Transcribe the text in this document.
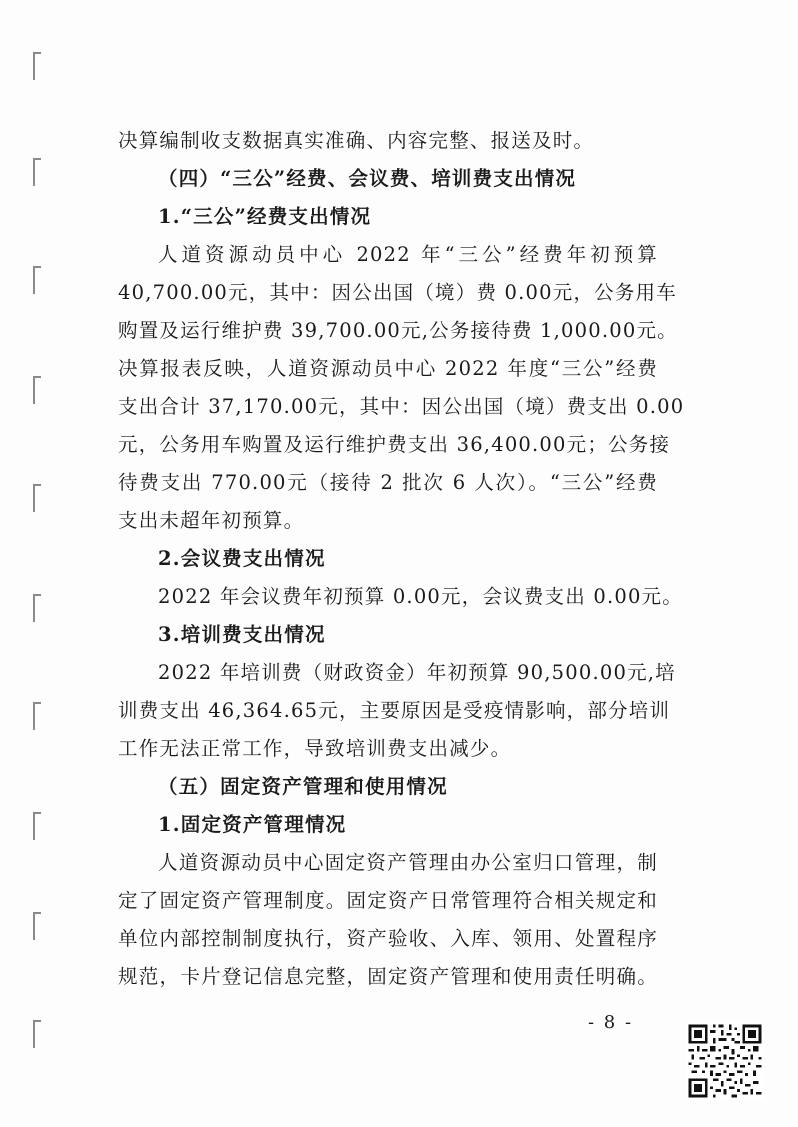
决算编制收支数据真实准确、内容完整、报送及时。
（四）“三公”经费、会议费、培训费支出情况
1.“三公”经费支出情况
人道资源动员中心 2022 年“三公”经费年初预算
40,700.00元，其中：因公出国（境）费 0.00元，公务用车
购置及运行维护费 39,700.00元,公务接待费 1,000.00元。
决算报表反映，人道资源动员中心 2022 年度“三公”经费
支出合计 37,170.00元，其中：因公出国（境）费支出 0.00
元，公务用车购置及运行维护费支出 36,400.00元；公务接
待费支出 770.00元（接待 2 批次 6 人次）。“三公”经费
支出未超年初预算。
2.会议费支出情况
2022 年会议费年初预算 0.00元，会议费支出 0.00元。
3.培训费支出情况
2022 年培训费（财政资金）年初预算 90,500.00元,培
训费支出 46,364.65元，主要原因是受疫情影响，部分培训
工作无法正常工作，导致培训费支出减少。
（五）固定资产管理和使用情况
1.固定资产管理情况
人道资源动员中心固定资产管理由办公室归口管理，制
定了固定资产管理制度。固定资产日常管理符合相关规定和
单位内部控制制度执行，资产验收、入库、领用、处置程序
规范，卡片登记信息完整，固定资产管理和使用责任明确。
- 8 -
